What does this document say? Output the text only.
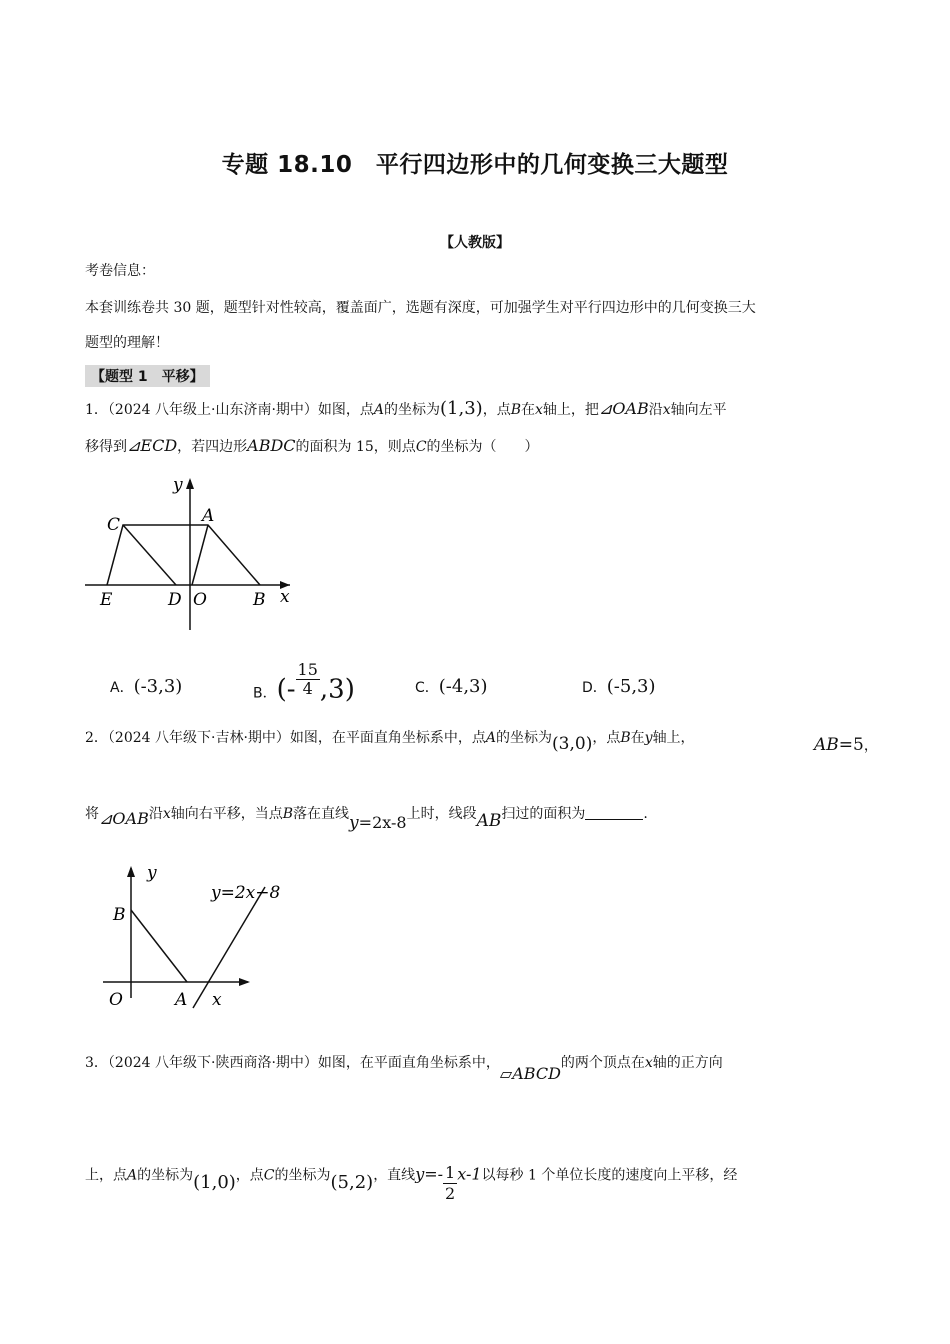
专题 18.10　平行四边形中的几何变换三大题型
【人教版】
考卷信息：
本套训练卷共 30 题，题型针对性较高，覆盖面广，选题有深度，可加强学生对平行四边形中的几何变换三大
题型的理解！
【题型 1　平移】
1．（2024 八年级上·山东济南·期中）如图，点A的坐标为(1,3)，点B在x轴上，把⊿OAB沿x轴向左平
移得到⊿ECD，若四边形ABDC的面积为 15，则点C的坐标为（　　）
y
x
C	A
E	D O	B
A．(-3,3)	B．(- $\frac{15}{4} ,3$)	C．(-4,3)	D．(-5,3)
2．（2024 八年级下·吉林·期中）如图，在平面直角坐标系中，点A的坐标为(3,0)，点B在y轴上，	AB=5，
将⊿OAB沿x轴向右平移，当点B落在直线y=2x-8上时，线段AB扫过的面积为	.
y
y=2x−8
B
O	A x
3．（2024 八年级下·陕西商洛·期中）如图，在平面直角坐标系中，▱ABCD的两个顶点在x轴的正方向
上，点A的坐标为(1,0)，点C的坐标为(5,2)，直线$y=- \frac{1}{2} x-1$以每秒 1 个单位长度的速度向上平移，经
